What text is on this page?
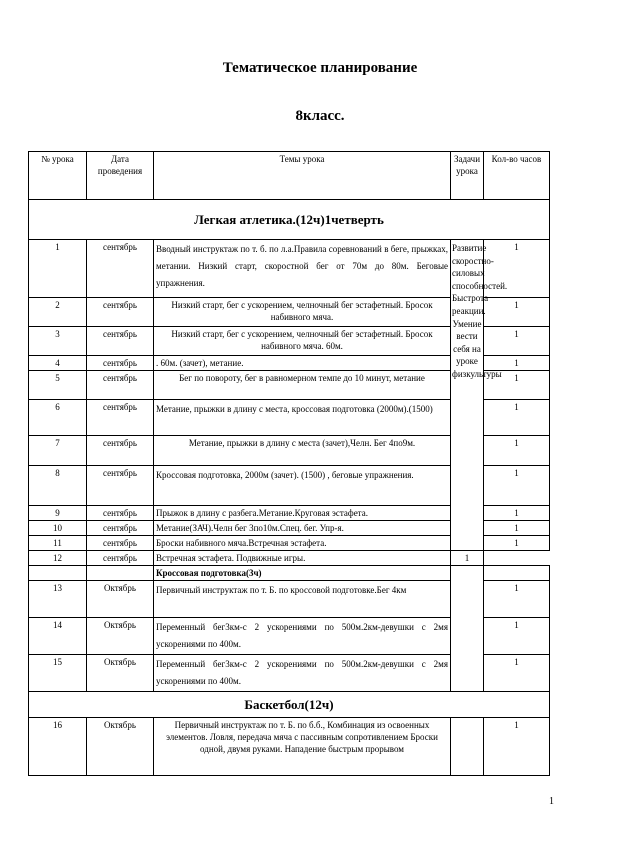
Тематическое планирование
8класс.
№ урока	Дата проведения	Темы урока	Задачи урока	Кол-во часов
Легкая атлетика.(12ч)1четверть				
1	сентябрь	Вводный инструктаж по т. б. по л.а.Правила соревнований в беге, прыжках, метании. Низкий старт, скоростной бег от 70м до 80м. Беговые упражнения.	Развитие скоростно-силовых способностей. Быстрота реакции. Умение вести себя на уроке физкультуры	1
2	сентябрь	Низкий старт, бег с ускорением, челночный бег эстафетный. Бросок набивного мяча.		1
3	сентябрь	Низкий старт, бег с ускорением, челночный бег эстафетный. Бросок набивного мяча. 60м.		1
4	сентябрь	. 60м. (зачет), метание.		1
5	сентябрь	Бег по повороту, бег в равномерном темпе до 10 минут, метание		1
6	сентябрь	Метание, прыжки в длину с места, кроссовая подготовка (2000м).(1500)		1
7	сентябрь	Метание, прыжки в длину с места (зачет),Челн. Бег 4по9м.		1
8	сентябрь	Кроссовая подготовка, 2000м (зачет). (1500) , беговые упражнения.		1
9	сентябрь	Прыжок в длину с разбега.Метание.Круговая эстафета.		1
10	сентябрь	Метание(ЗАЧ).Челн бег 3по10м.Спец. бег. Упр-я.		1
11	сентябрь	Броски набивного мяча.Встречная эстафета.		1
12	сентябрь	Встречная эстафета. Подвижные игры.	1	
		Кроссовая подготовка(3ч)		
13	Октябрь	Первичный инструктаж по т. Б. по кроссовой подготовке.Бег 4км		1
14	Октябрь	Переменный бег3км-с 2 ускорениями по 500м.2км-девушки с 2мя ускорениями по 400м.		1
15	Октябрь	Переменный бег3км-с 2 ускорениями по 500м.2км-девушки с 2мя ускорениями по 400м.		1
Баскетбол(12ч)				
16	Октябрь	Первичный инструктаж по т. Б. по б.б., Комбинация из освоенных элементов. Ловля, передача мяча с пассивным сопротивлением Броски одной, двумя руками. Нападение быстрым прорывом		1
1
